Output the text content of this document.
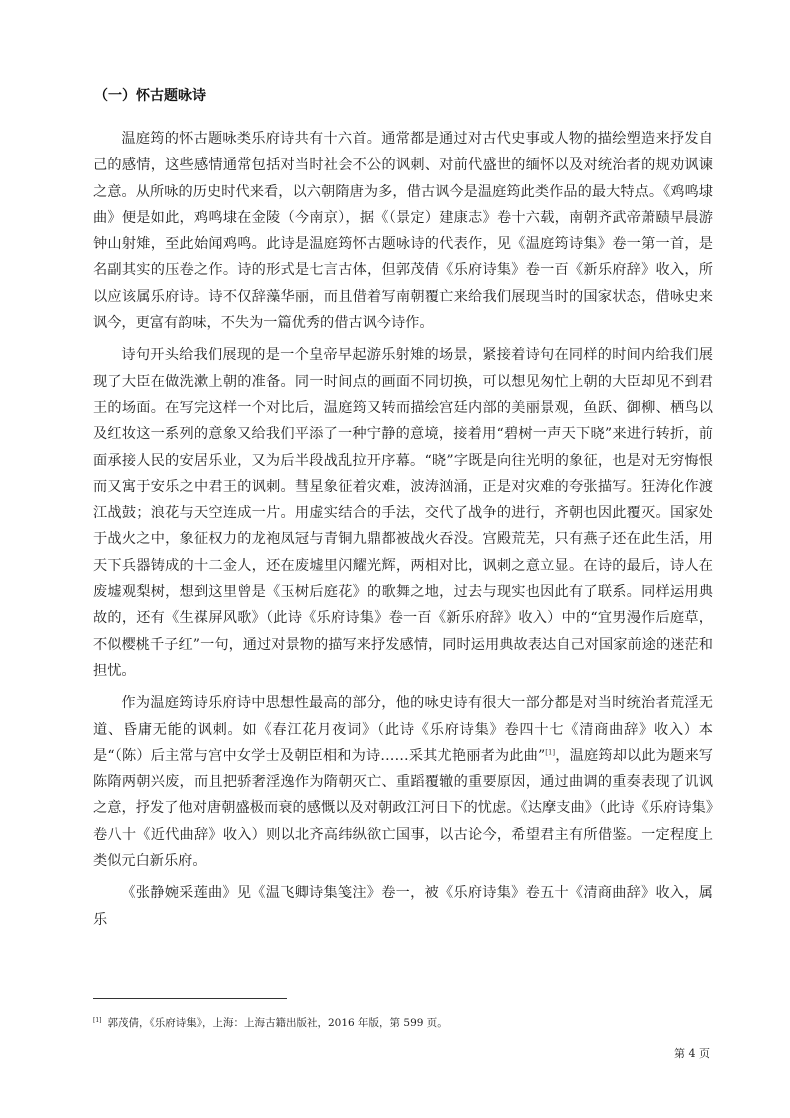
（一）怀古题咏诗

温庭筠的怀古题咏类乐府诗共有十六首。通常都是通过对古代史事或人物的描绘塑造来抒发自己的感情，这些感情通常包括对当时社会不公的讽刺、对前代盛世的缅怀以及对统治者的规劝讽谏之意。从所咏的历史时代来看，以六朝隋唐为多，借古讽今是温庭筠此类作品的最大特点。《鸡鸣埭曲》便是如此，鸡鸣埭在金陵（今南京），据《（景定）建康志》卷十六载，南朝齐武帝萧赜早晨游钟山射雉，至此始闻鸡鸣。此诗是温庭筠怀古题咏诗的代表作，见《温庭筠诗集》卷一第一首，是名副其实的压卷之作。诗的形式是七言古体，但郭茂倩《乐府诗集》卷一百《新乐府辞》收入，所以应该属乐府诗。诗不仅辞藻华丽，而且借着写南朝覆亡来给我们展现当时的国家状态，借咏史来讽今，更富有韵味，不失为一篇优秀的借古讽今诗作。

诗句开头给我们展现的是一个皇帝早起游乐射雉的场景，紧接着诗句在同样的时间内给我们展现了大臣在做洗漱上朝的准备。同一时间点的画面不同切换，可以想见匆忙上朝的大臣却见不到君王的场面。在写完这样一个对比后，温庭筠又转而描绘宫廷内部的美丽景观，鱼跃、御柳、栖鸟以及红妆这一系列的意象又给我们平添了一种宁静的意境，接着用“碧树一声天下晓”来进行转折，前面承接人民的安居乐业，又为后半段战乱拉开序幕。“晓”字既是向往光明的象征，也是对无穷悔恨而又寓于安乐之中君王的讽刺。彗星象征着灾难，波涛汹涌，正是对灾难的夸张描写。狂涛化作渡江战鼓；浪花与天空连成一片。用虚实结合的手法，交代了战争的进行，齐朝也因此覆灭。国家处于战火之中，象征权力的龙袍凤冠与青铜九鼎都被战火吞没。宫殿荒芜，只有燕子还在此生活，用天下兵器铸成的十二金人，还在废墟里闪耀光辉，两相对比，讽刺之意立显。在诗的最后，诗人在废墟观梨树，想到这里曾是《玉树后庭花》的歌舞之地，过去与现实也因此有了联系。同样运用典故的，还有《生禖屏风歌》（此诗《乐府诗集》卷一百《新乐府辞》收入）中的“宜男漫作后庭草，不似樱桃千子红”一句，通过对景物的描写来抒发感情，同时运用典故表达自己对国家前途的迷茫和担忧。

作为温庭筠诗乐府诗中思想性最高的部分，他的咏史诗有很大一部分都是对当时统治者荒淫无道、昏庸无能的讽刺。如《春江花月夜词》（此诗《乐府诗集》卷四十七《清商曲辞》收入）本是“（陈）后主常与宫中女学士及朝臣相和为诗……采其尤艳丽者为此曲”[1]，温庭筠却以此为题来写陈隋两朝兴废，而且把骄奢淫逸作为隋朝灭亡、重蹈覆辙的重要原因，通过曲调的重奏表现了讥讽之意，抒发了他对唐朝盛极而衰的感慨以及对朝政江河日下的忧虑。《达摩支曲》（此诗《乐府诗集》卷八十《近代曲辞》收入）则以北齐高纬纵欲亡国事，以古论今，希望君主有所借鉴。一定程度上类似元白新乐府。

《张静婉采莲曲》见《温飞卿诗集笺注》卷一，被《乐府诗集》卷五十《清商曲辞》收入，属乐

[1] 郭茂倩，《乐府诗集》，上海：上海古籍出版社，2016 年版，第 599 页。
第 4 页
